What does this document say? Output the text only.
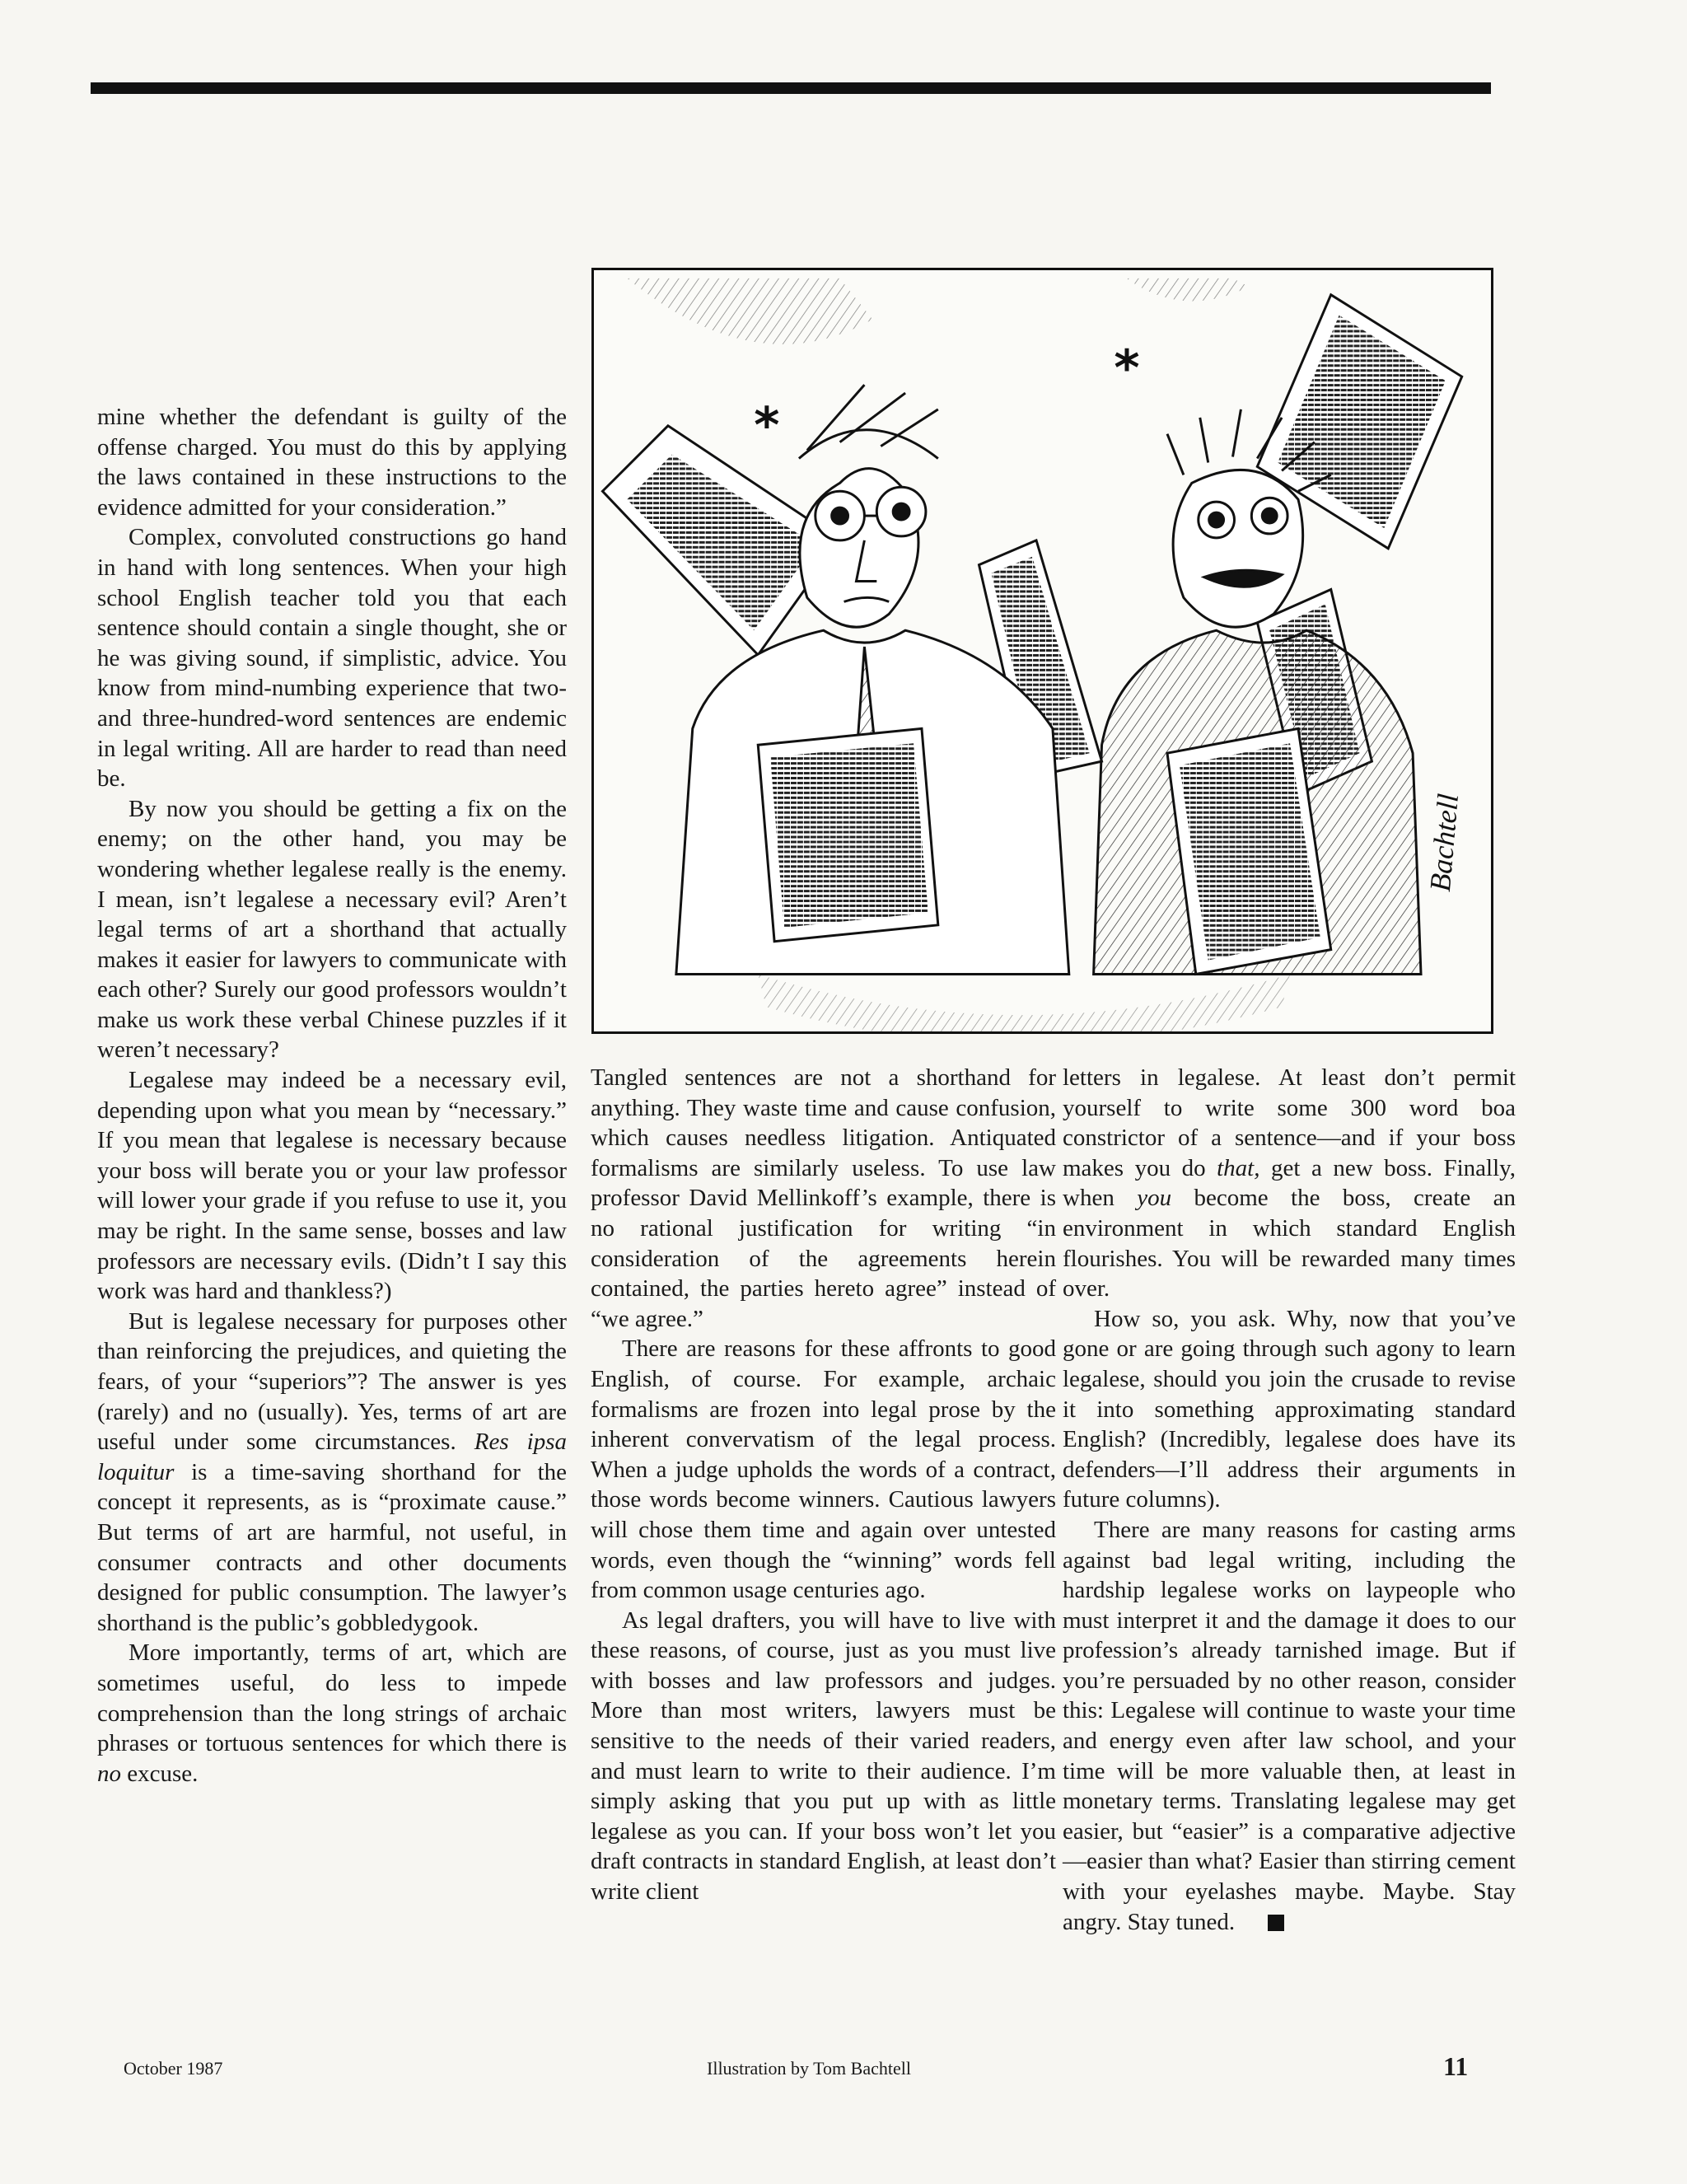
mine whether the defendant is guilty of the offense charged. You must do this by applying the laws contained in these instructions to the evidence admitted for your consideration.”

Complex, convoluted constructions go hand in hand with long sentences. When your high school English teacher told you that each sentence should contain a single thought, she or he was giving sound, if simplistic, advice. You know from mind-numbing experience that two- and three-hundred-word sentences are endemic in legal writing. All are harder to read than need be.

By now you should be getting a fix on the enemy; on the other hand, you may be wondering whether legalese really is the enemy. I mean, isn’t legalese a necessary evil? Aren’t legal terms of art a shorthand that actually makes it easier for lawyers to communicate with each other? Surely our good professors wouldn’t make us work these verbal Chinese puzzles if it weren’t necessary?

Legalese may indeed be a necessary evil, depending upon what you mean by “necessary.” If you mean that legalese is necessary because your boss will berate you or your law professor will lower your grade if you refuse to use it, you may be right. In the same sense, bosses and law professors are necessary evils. (Didn’t I say this work was hard and thankless?)

But is legalese necessary for purposes other than reinforcing the prejudices, and quieting the fears, of your “superiors”? The answer is yes (rarely) and no (usually). Yes, terms of art are useful under some circumstances. Res ipsa loquitur is a time-saving shorthand for the concept it represents, as is “proximate cause.” But terms of art are harmful, not useful, in consumer contracts and other documents designed for public consumption. The lawyer’s shorthand is the public’s gobbledygook.

More importantly, terms of art, which are sometimes useful, do less to impede comprehension than the long strings of archaic phrases or tortuous sentences for which there is no excuse.

*
*
Bachtell

Tangled sentences are not a shorthand for anything. They waste time and cause confusion, which causes needless litigation. Antiquated formalisms are similarly useless. To use law professor David Mellinkoff’s example, there is no rational justification for writing “in consideration of the agreements herein contained, the parties hereto agree” instead of “we agree.”

There are reasons for these affronts to good English, of course. For example, archaic formalisms are frozen into legal prose by the inherent convervatism of the legal process. When a judge upholds the words of a contract, those words become winners. Cautious lawyers will chose them time and again over untested words, even though the “winning” words fell from common usage centuries ago.

As legal drafters, you will have to live with these reasons, of course, just as you must live with bosses and law professors and judges. More than most writers, lawyers must be sensitive to the needs of their varied readers, and must learn to write to their audience. I’m simply asking that you put up with as little legalese as you can. If your boss won’t let you draft contracts in standard English, at least don’t write client

letters in legalese. At least don’t permit yourself to write some 300 word boa constrictor of a sentence—and if your boss makes you do that, get a new boss. Finally, when you become the boss, create an environment in which standard English flourishes. You will be rewarded many times over.

How so, you ask. Why, now that you’ve gone or are going through such agony to learn legalese, should you join the crusade to revise it into something approximating standard English? (Incredibly, legalese does have its defenders—I’ll address their arguments in future columns).

There are many reasons for casting arms against bad legal writing, including the hardship legalese works on laypeople who must interpret it and the damage it does to our profession’s already tarnished image. But if you’re persuaded by no other reason, consider this: Legalese will continue to waste your time and energy even after law school, and your time will be more valuable then, at least in monetary terms. Translating legalese may get easier, but “easier” is a comparative adjective—easier than what? Easier than stirring cement with your eyelashes maybe. Maybe. Stay angry. Stay tuned.

October 1987	Illustration by Tom Bachtell	11
